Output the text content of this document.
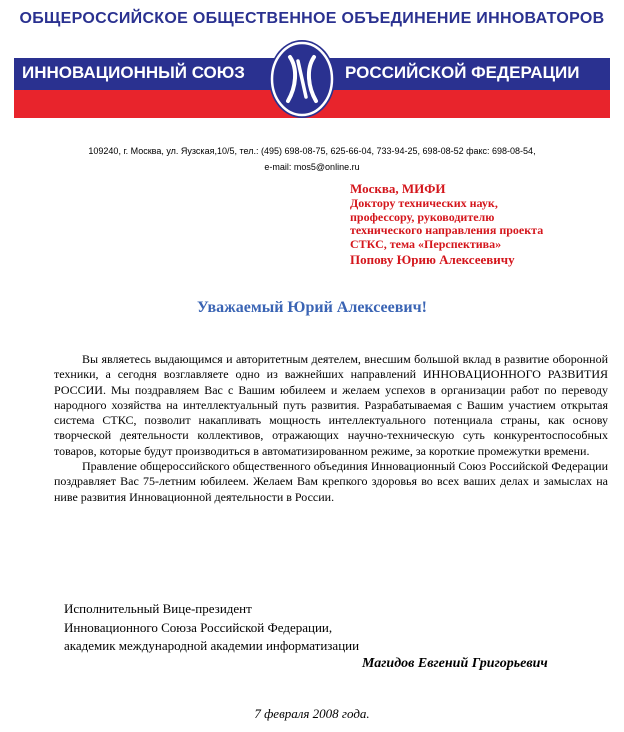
ОБЩЕРОССИЙСКОЕ ОБЩЕСТВЕННОЕ ОБЪЕДИНЕНИЕ ИННОВАТОРОВ
ИННОВАЦИОННЫЙ СОЮЗ	РОССИЙСКОЙ ФЕДЕРАЦИИ
109240, г. Москва, ул. Яузская,10/5, тел.: (495) 698-08-75, 625-66-04, 733-94-25, 698-08-52 факс: 698-08-54,
e-mail: mos5@online.ru
Москва, МИФИ
Доктору технических наук,
профессору, руководителю
технического направления проекта
СТКС, тема «Перспектива»
Попову Юрию Алексеевичу
Уважаемый Юрий Алексеевич!

Вы являетесь выдающимся и авторитетным деятелем, внесшим большой вклад в развитие оборонной техники, а сегодня возглавляете одно из важнейших направлений ИННОВАЦИОННОГО РАЗВИТИЯ РОССИИ. Мы поздравляем Вас с Вашим юбилеем и желаем успехов в организации работ по переводу народного хозяйства на интеллектуальный путь развития. Разрабатываемая с Вашим участием открытая система СТКС, позволит накапливать мощность интеллектуального потенциала страны, как основу творческой деятельности коллективов, отражающих научно-техническую суть конкурентоспособных товаров, которые будут производиться в автоматизированном режиме, за короткие промежутки времени.

Правление общероссийского общественного объединия Инновационный Союз Российской Федерации поздравляет Вас 75-летним юбилеем. Желаем Вам крепкого здоровья во всех ваших делах и замыслах на ниве развития Инновационной деятельности в России.

Исполнительный Вице-президент
Инновационного Союза Российской Федерации,
академик международной академии информатизации
Магидов Евгений Григорьевич
7 февраля 2008 года.
